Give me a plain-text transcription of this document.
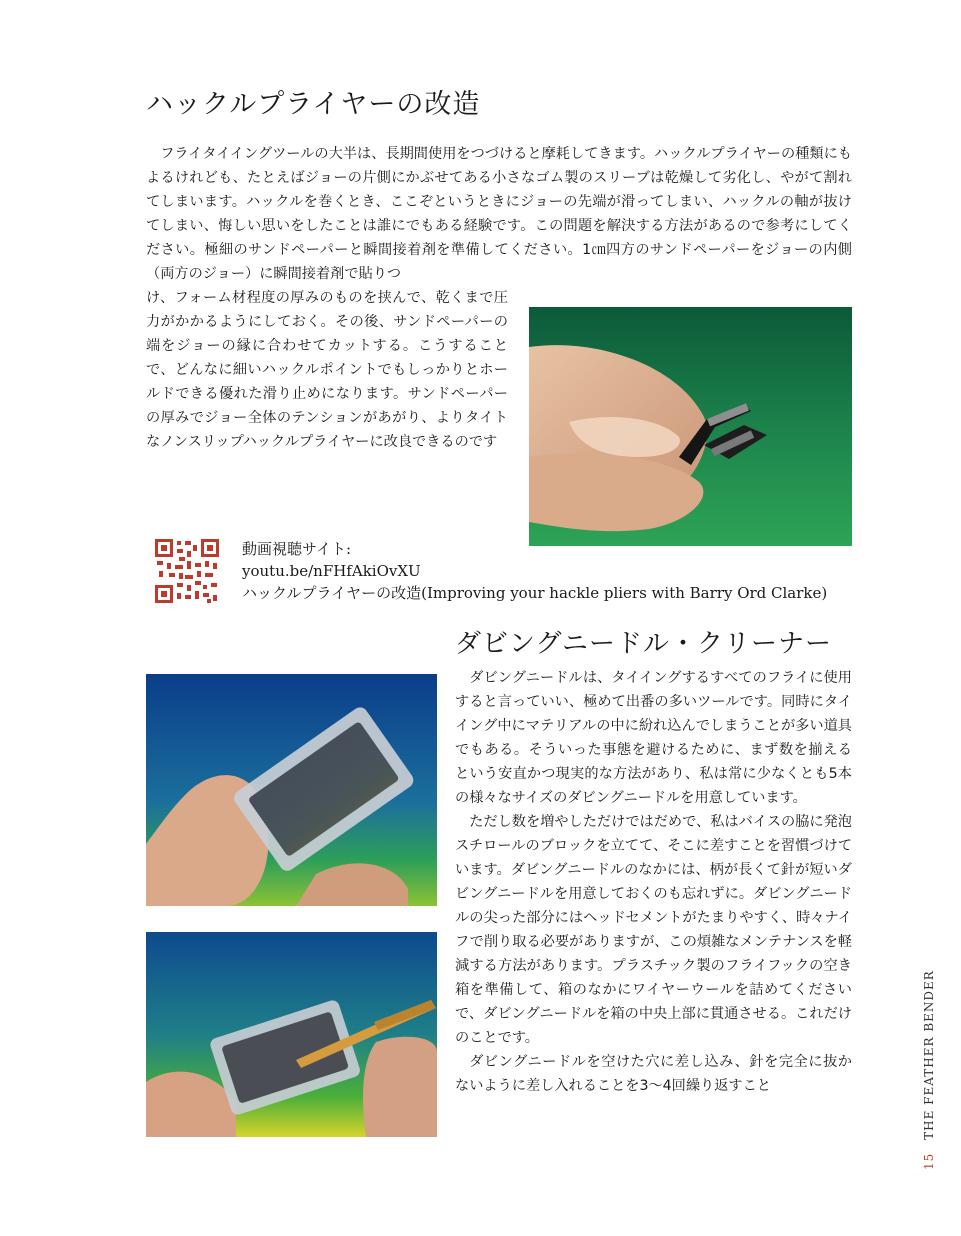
ハックルプライヤーの改造

フライタイイングツールの大半は、長期間使用をつづけると摩耗してきます。ハックルプライヤーの種類にもよるけれども、たとえばジョーの片側にかぶせてある小さなゴム製のスリーブは乾燥して劣化し、やがて割れてしまいます。ハックルを巻くとき、ここぞというときにジョーの先端が滑ってしまい、ハックルの軸が抜けてしまい、悔しい思いをしたことは誰にでもある経験です。この問題を解決する方法があるので参考にしてください。極細のサンドペーパーと瞬間接着剤を準備してください。1㎝四方のサンドペーパーをジョーの内側（両方のジョー）に瞬間接着剤で貼りつ

け、フォーム材程度の厚みのものを挟んで、乾くまで圧力がかかるようにしておく。その後、サンドペーパーの端をジョーの縁に合わせてカットする。こうすることで、どんなに細いハックルポイントでもしっかりとホールドできる優れた滑り止めになります。サンドペーパーの厚みでジョー全体のテンションがあがり、よりタイトなノンスリップハックルプライヤーに改良できるのです

動画視聴サイト:
youtu.be/nFHfAkiOvXU
ハックルプライヤーの改造(Improving your hackle pliers with Barry Ord Clarke)
ダビングニードル・クリーナー

ダビングニードルは、タイイングするすべてのフライに使用すると言っていい、極めて出番の多いツールです。同時にタイイング中にマテリアルの中に紛れ込んでしまうことが多い道具でもある。そういった事態を避けるために、まず数を揃えるという安直かつ現実的な方法があり、私は常に少なくとも5本の様々なサイズのダビングニードルを用意しています。

ただし数を増やしただけではだめで、私はバイスの脇に発泡スチロールのブロックを立てて、そこに差すことを習慣づけています。ダビングニードルのなかには、柄が長くて針が短いダビングニードルを用意しておくのも忘れずに。ダビングニードルの尖った部分にはヘッドセメントがたまりやすく、時々ナイフで削り取る必要がありますが、この煩雑なメンテナンスを軽減する方法があります。プラスチック製のフライフックの空き箱を準備して、箱のなかにワイヤーウールを詰めてくださいで、ダビングニードルを箱の中央上部に貫通させる。これだけのことです。

ダビングニードルを空けた穴に差し込み、針を完全に抜かないように差し入れることを3～4回繰り返すこと

15 THE FEATHER BENDER
